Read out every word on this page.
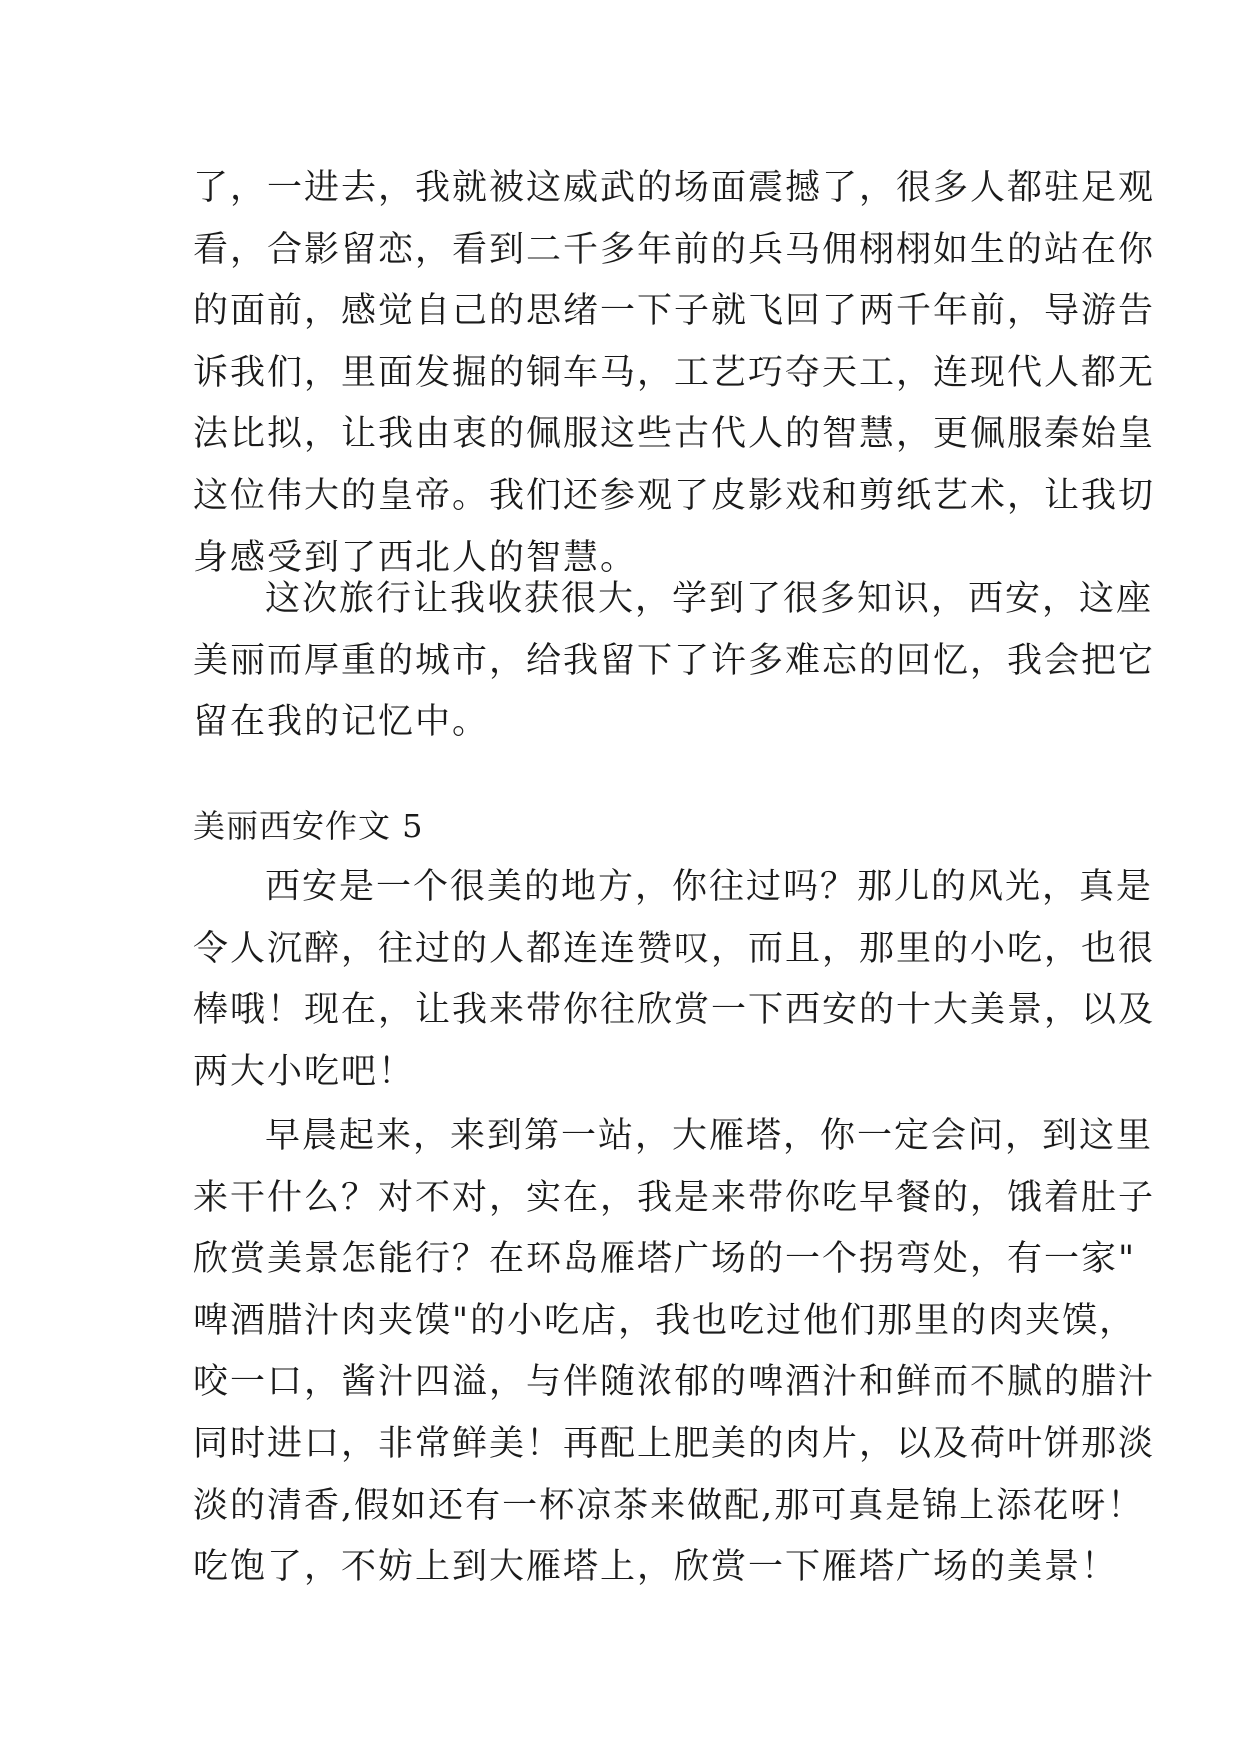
了，一进去，我就被这威武的场面震撼了，很多人都驻足观
看，合影留恋，看到二千多年前的兵马佣栩栩如生的站在你
的面前，感觉自己的思绪一下子就飞回了两千年前，导游告
诉我们，里面发掘的铜车马，工艺巧夺天工，连现代人都无
法比拟，让我由衷的佩服这些古代人的智慧，更佩服秦始皇
这位伟大的皇帝。我们还参观了皮影戏和剪纸艺术，让我切
身感受到了西北人的智慧。
这次旅行让我收获很大，学到了很多知识，西安，这座
美丽而厚重的城市，给我留下了许多难忘的回忆，我会把它
留在我的记忆中。
美丽西安作文 5
西安是一个很美的地方，你往过吗？那儿的风光，真是
令人沉醉，往过的人都连连赞叹，而且，那里的小吃，也很
棒哦！现在，让我来带你往欣赏一下西安的十大美景，以及
两大小吃吧！
早晨起来，来到第一站，大雁塔，你一定会问，到这里
来干什么？对不对，实在，我是来带你吃早餐的，饿着肚子
欣赏美景怎能行？在环岛雁塔广场的一个拐弯处，有一家"
啤酒腊汁肉夹馍"的小吃店，我也吃过他们那里的肉夹馍，
咬一口，酱汁四溢，与伴随浓郁的啤酒汁和鲜而不腻的腊汁
同时进口，非常鲜美！再配上肥美的肉片，以及荷叶饼那淡
淡的清香,假如还有一杯凉茶来做配,那可真是锦上添花呀！
吃饱了，不妨上到大雁塔上，欣赏一下雁塔广场的美景！
